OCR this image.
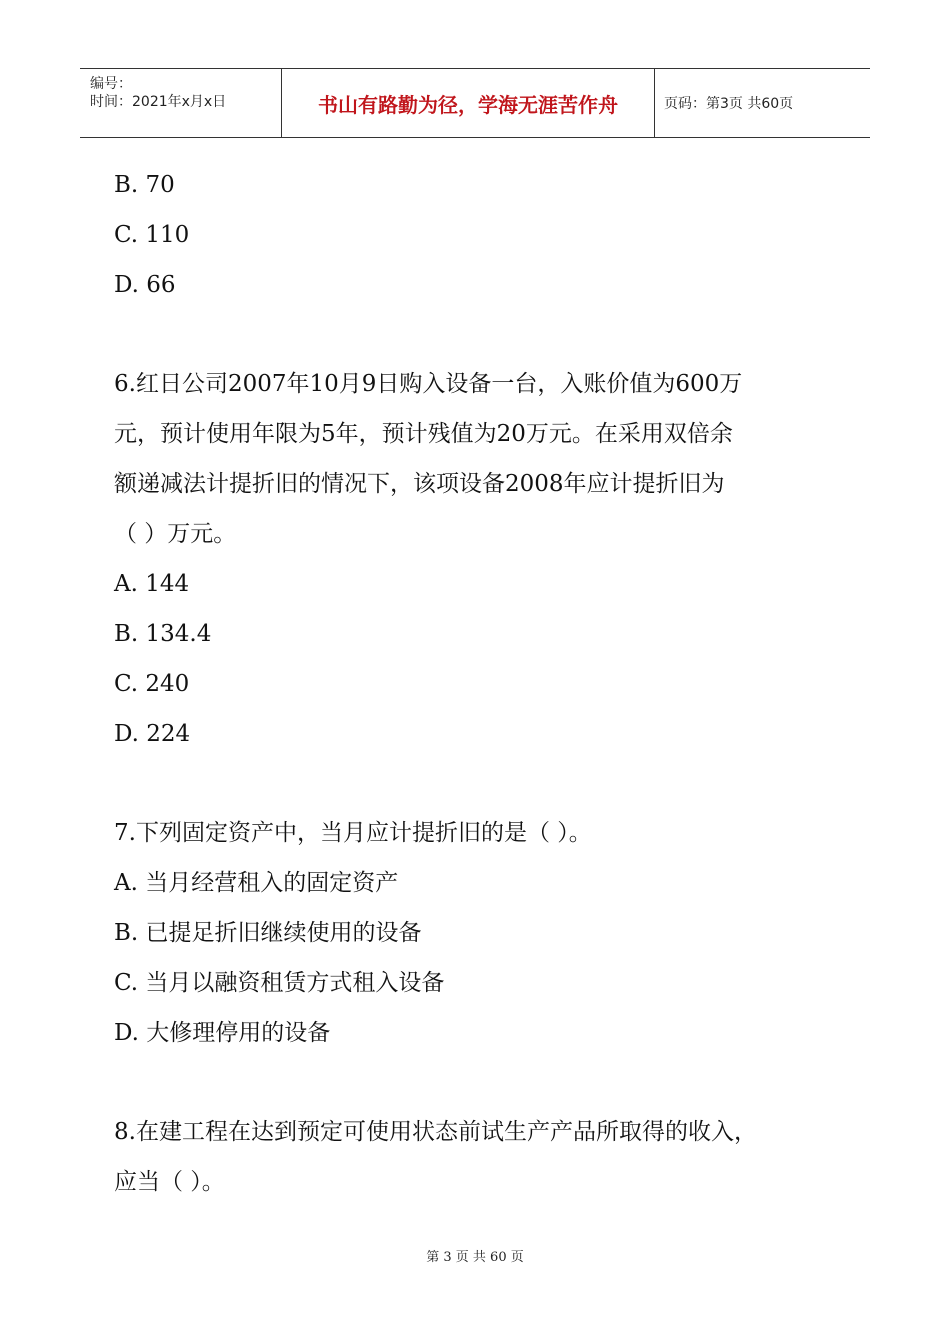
编号：
时间：2021年x月x日	书山有路勤为径，学海无涯苦作舟	页码：第3页 共60页
B. 70
C. 110
D. 66
6.红日公司2007年10月9日购入设备一台，入账价值为600万
元，预计使用年限为5年，预计残值为20万元。在采用双倍余
额递减法计提折旧的情况下，该项设备2008年应计提折旧为
（ ）万元。
A. 144
B. 134.4
C. 240
D. 224
7.下列固定资产中，当月应计提折旧的是（ ）。
A. 当月经营租入的固定资产
B. 已提足折旧继续使用的设备
C. 当月以融资租赁方式租入设备
D. 大修理停用的设备
8.在建工程在达到预定可使用状态前试生产产品所取得的收入，
应当（ ）。
第 3 页 共 60 页
